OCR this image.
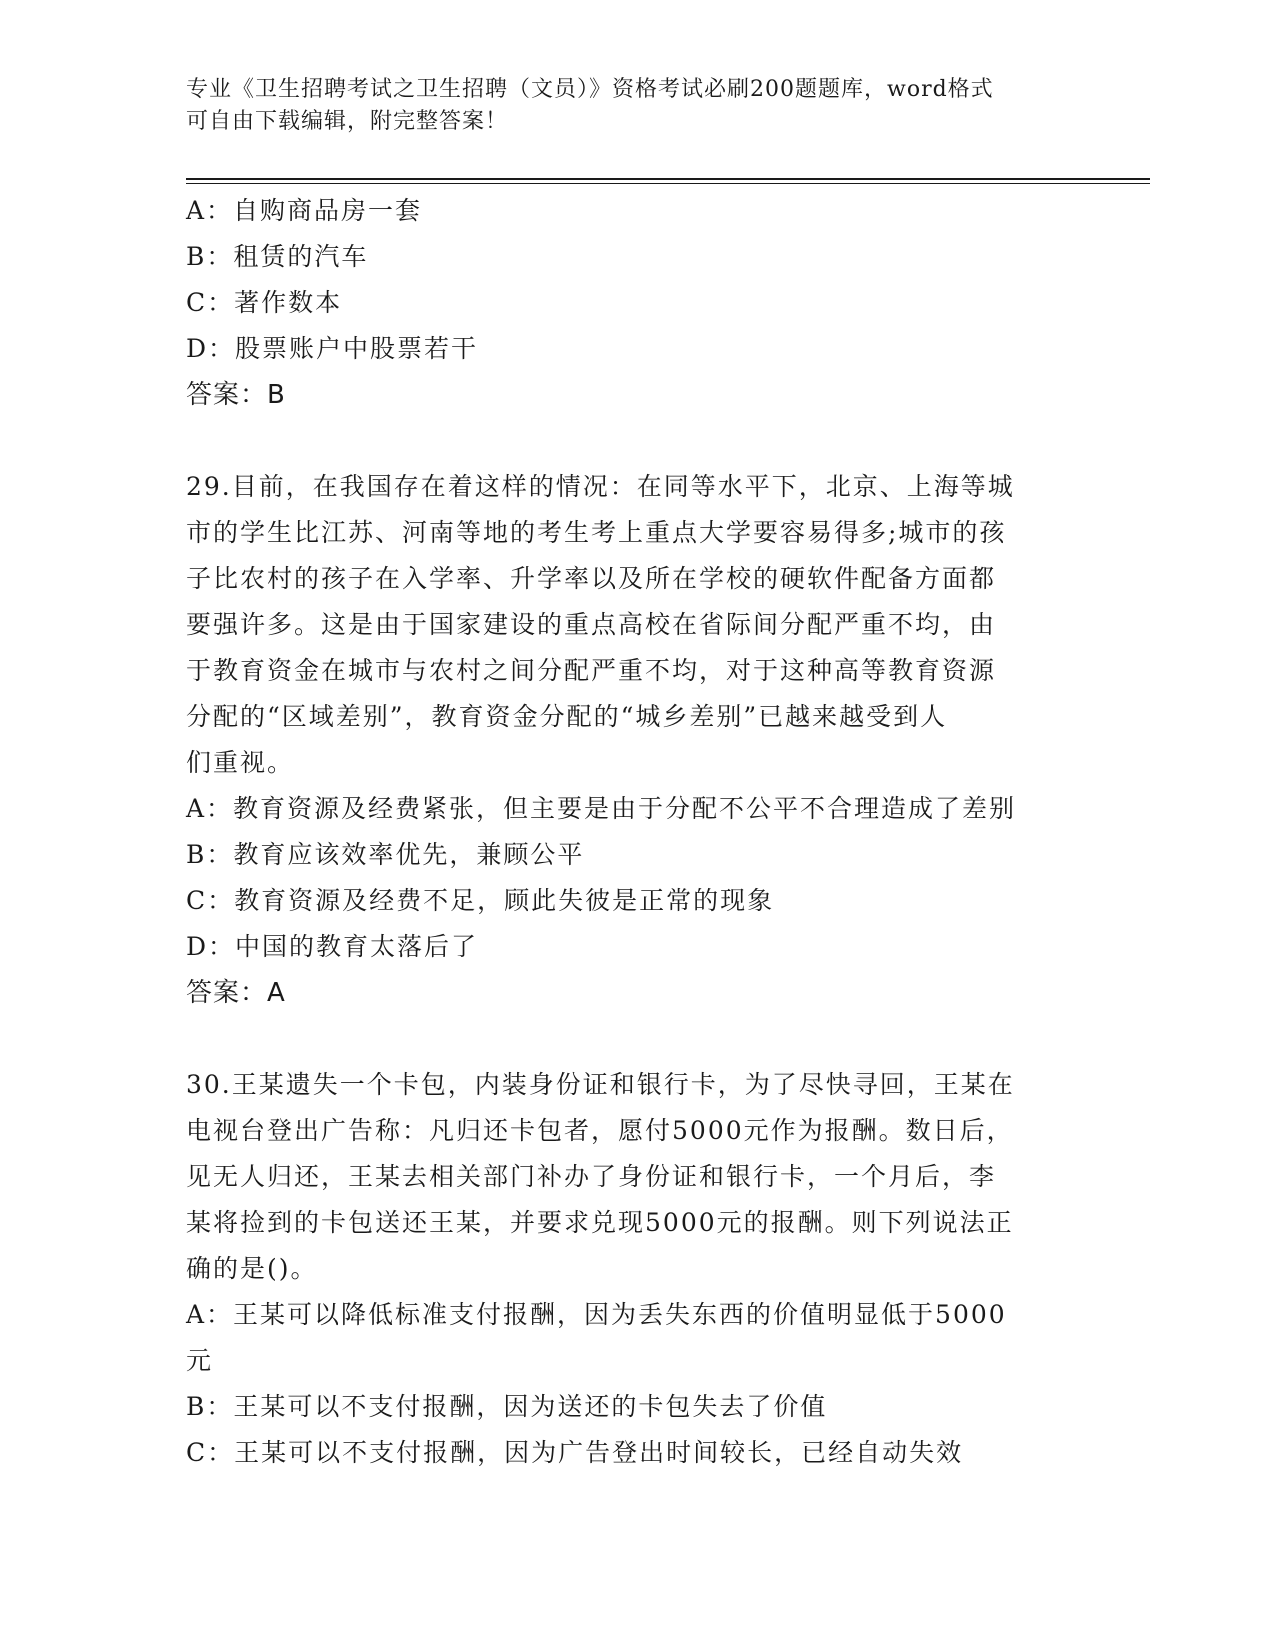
专业《卫生招聘考试之卫生招聘（文员）》资格考试必刷200题题库，word格式
可自由下载编辑，附完整答案！
A：自购商品房一套
B：租赁的汽车
C：著作数本
D：股票账户中股票若干
答案：B
29.目前，在我国存在着这样的情况：在同等水平下，北京、上海等城
市的学生比江苏、河南等地的考生考上重点大学要容易得多;城市的孩
子比农村的孩子在入学率、升学率以及所在学校的硬软件配备方面都
要强许多。这是由于国家建设的重点高校在省际间分配严重不均，由
于教育资金在城市与农村之间分配严重不均，对于这种高等教育资源
分配的“区域差别”，教育资金分配的“城乡差别”已越来越受到人
们重视。
A：教育资源及经费紧张，但主要是由于分配不公平不合理造成了差别
B：教育应该效率优先，兼顾公平
C：教育资源及经费不足，顾此失彼是正常的现象
D：中国的教育太落后了
答案：A
30.王某遗失一个卡包，内装身份证和银行卡，为了尽快寻回，王某在
电视台登出广告称：凡归还卡包者，愿付5000元作为报酬。数日后，
见无人归还，王某去相关部门补办了身份证和银行卡，一个月后，李
某将捡到的卡包送还王某，并要求兑现5000元的报酬。则下列说法正
确的是()。
A：王某可以降低标准支付报酬，因为丢失东西的价值明显低于5000
元
B：王某可以不支付报酬，因为送还的卡包失去了价值
C：王某可以不支付报酬，因为广告登出时间较长，已经自动失效
